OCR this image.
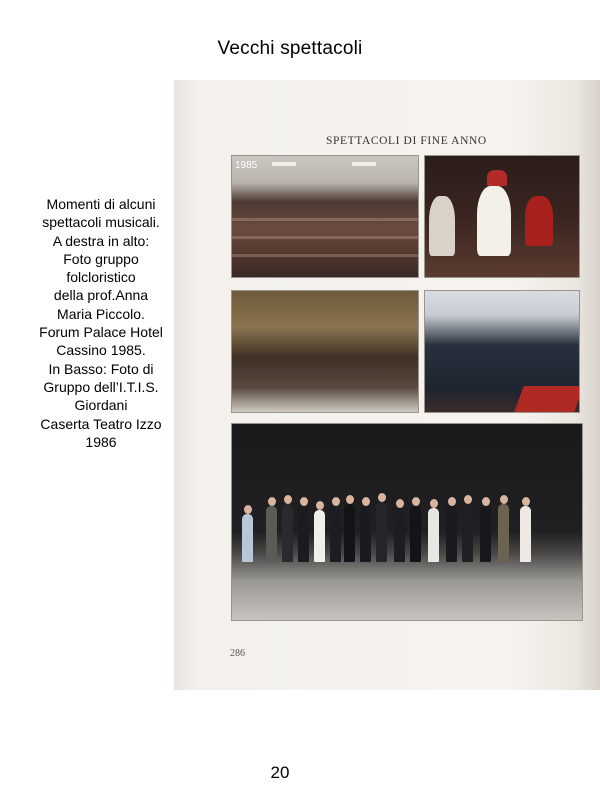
Vecchi spettacoli
Momenti di alcuni
spettacoli musicali.
A destra in alto:
Foto gruppo
folcloristico
della prof.Anna
Maria Piccolo.
Forum Palace Hotel
Cassino 1985.
In Basso: Foto di
Gruppo dell’I.T.I.S.
Giordani
Caserta Teatro Izzo
1986
SPETTACOLI DI FINE ANNO
1985
286
20
